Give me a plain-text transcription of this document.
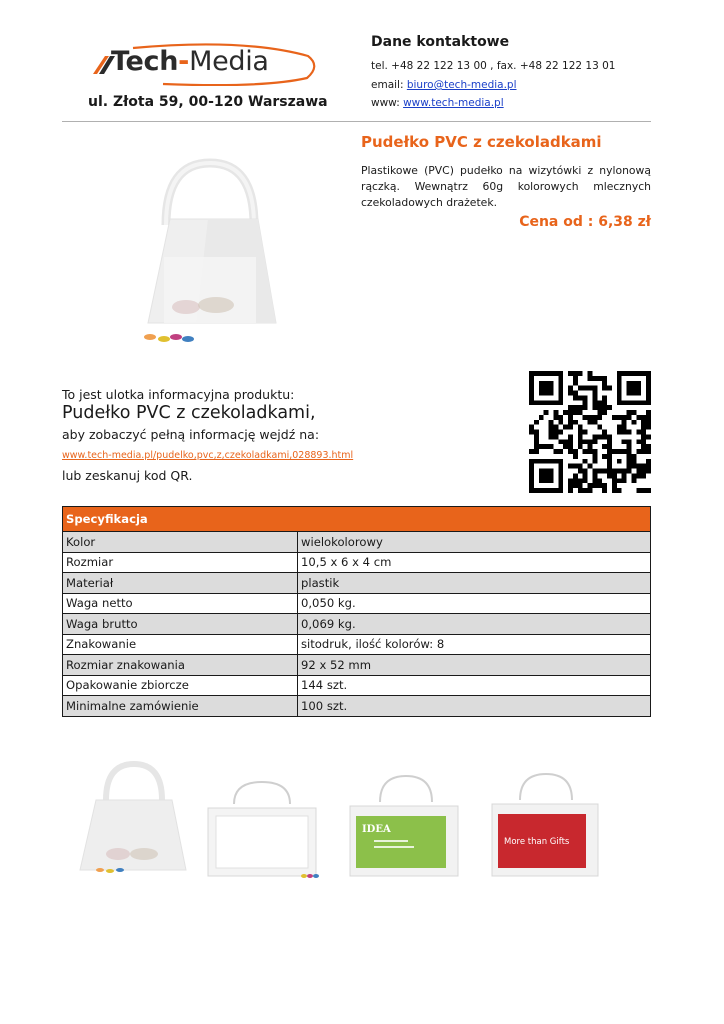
Tech-Media
ul. Złota 59, 00-120 Warszawa
Dane kontaktowe
tel. +48 22 122 13 00 , fax. +48 22 122 13 01
email: biuro@tech-media.pl
www: www.tech-media.pl
Pudełko PVC z czekoladkami
Plastikowe (PVC) pudełko na wizytówki z nylonową rączką. Wewnątrz 60g kolorowych mlecznych czekoladowych drażetek.
Cena od : 6,38 zł
To jest ulotka informacyjna produktu:
Pudełko PVC z czekoladkami,
aby zobaczyć pełną informację wejdź na:
www.tech-media.pl/pudelko,pvc,z,czekoladkami,028893.html
lub zeskanuj kod QR.
Specyfikacja	
Kolor	wielokolorowy
Rozmiar	10,5 x 6 x 4 cm
Materiał	plastik
Waga netto	0,050 kg.
Waga brutto	0,069 kg.
Znakowanie	sitodruk, ilość kolorów: 8
Rozmiar znakowania	92 x 52 mm
Opakowanie zbiorcze	144 szt.
Minimalne zamówienie	100 szt.
IDEA
More than Gifts
